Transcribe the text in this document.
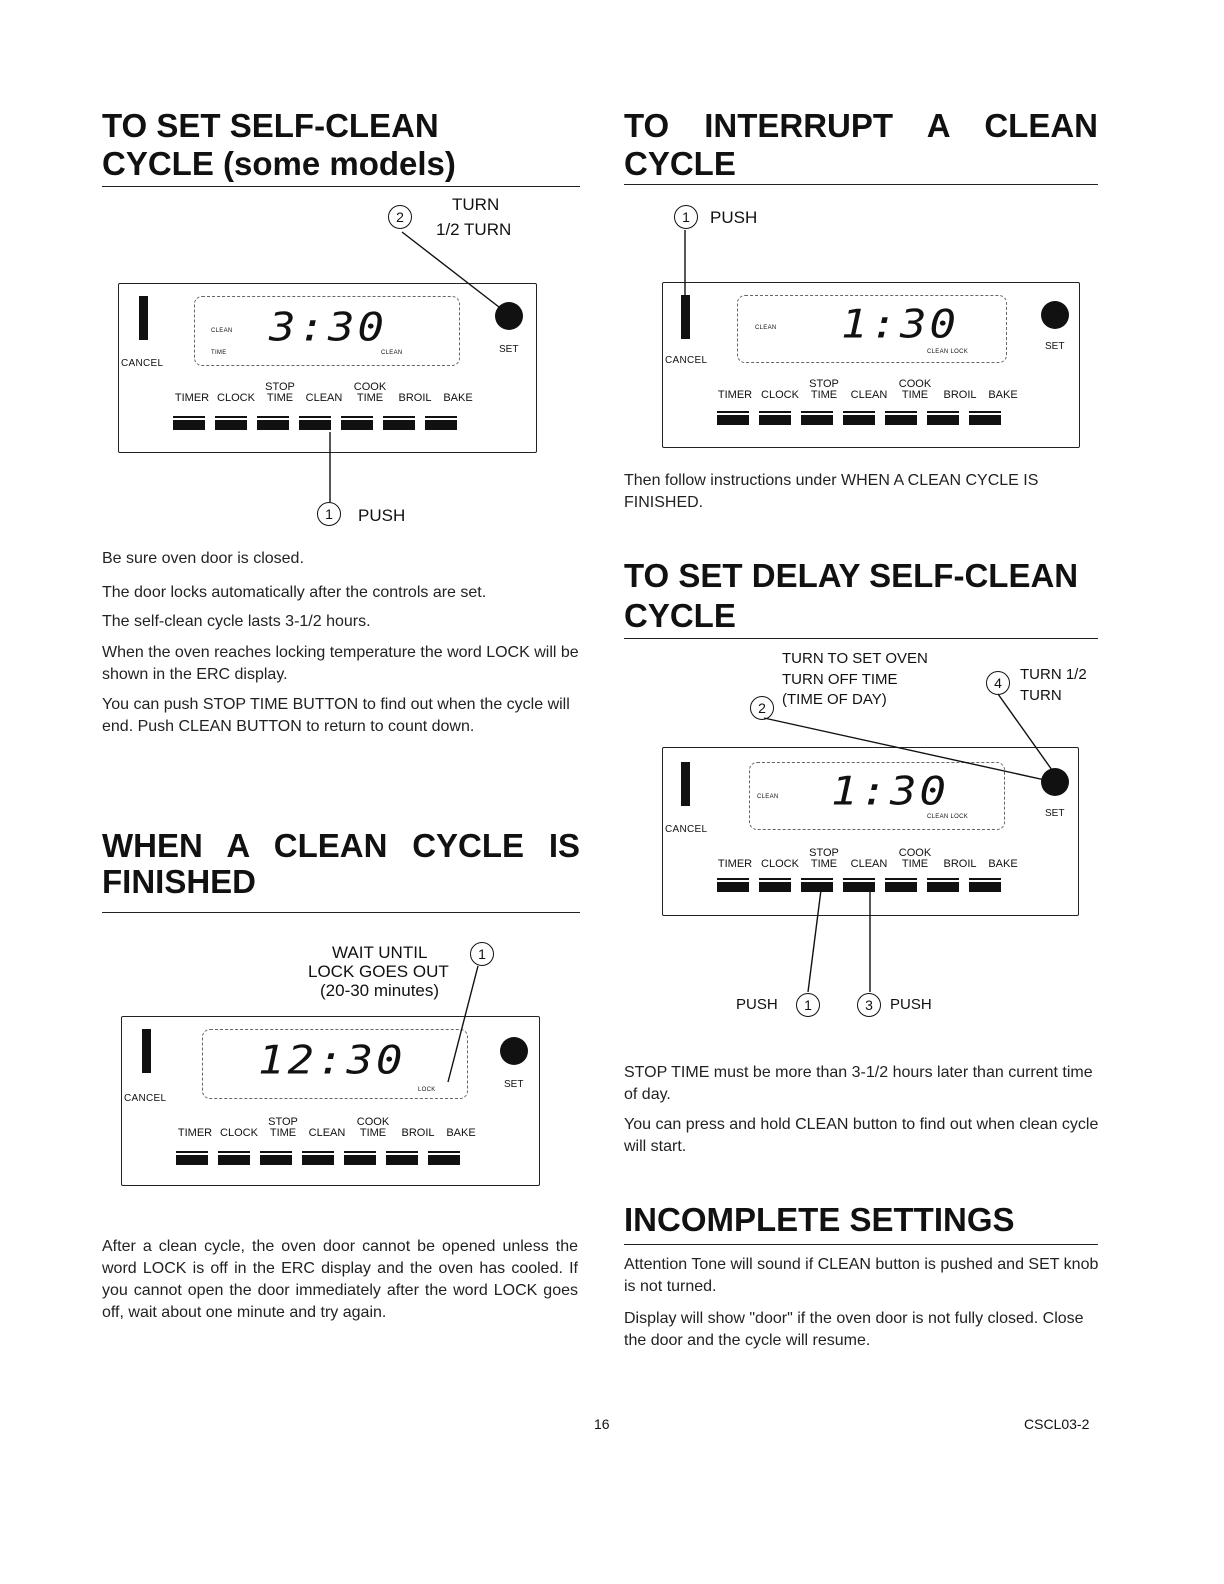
TO SET SELF-CLEAN
CYCLE (some models)
TURN
1/2 TURN
2
CANCEL
CLEAN
TIME
3:30
CLEAN	SET
TIMER CLOCK
STOP
TIME	CLEAN
COOK
TIME	BROIL	BAKE
1	PUSH

Be sure oven door is closed.

The door locks automatically after the controls are set.

The self-clean cycle lasts 3-1/2 hours.

When the oven reaches locking temperature the word LOCK will be shown in the ERC display.

You can push STOP TIME BUTTON to find out when the cycle will end. Push CLEAN BUTTON to return to count down.

WHEN A CLEAN CYCLE IS
FINISHED
WAIT UNTIL
LOCK GOES OUT
(20-30 minutes)
1
CANCEL
12:30
LOCK	SET
TIMER CLOCK
STOP
TIME	CLEAN
COOK
TIME	BROIL	BAKE

After a clean cycle, the oven door cannot be opened unless the word LOCK is off in the ERC display and the oven has cooled. If you cannot open the door immediately after the word LOCK goes off, wait about one minute and try again.

TO INTERRUPT A CLEAN
CYCLE
1	PUSH
CANCEL
CLEAN 1:30
CLEAN LOCK	SET
TIMER CLOCK
STOP
TIME	CLEAN
COOK
TIME	BROIL	BAKE

Then follow instructions under WHEN A CLEAN CYCLE IS FINISHED.

TO SET DELAY SELF-CLEAN
CYCLE
TURN TO SET OVEN
TURN OFF TIME
(TIME OF DAY)
2
4	TURN 1/2
TURN
CANCEL
CLEAN 1:30
CLEAN LOCK	SET
TIMER CLOCK
STOP
TIME	CLEAN
COOK
TIME	BROIL	BAKE
PUSH	1	3	PUSH

STOP TIME must be more than 3-1/2 hours later than current time of day.

You can press and hold CLEAN button to find out when clean cycle will start.

INCOMPLETE SETTINGS

Attention Tone will sound if CLEAN button is pushed and SET knob is not turned.

Display will show "door" if the oven door is not fully closed. Close the door and the cycle will resume.

16	CSCL03-2
